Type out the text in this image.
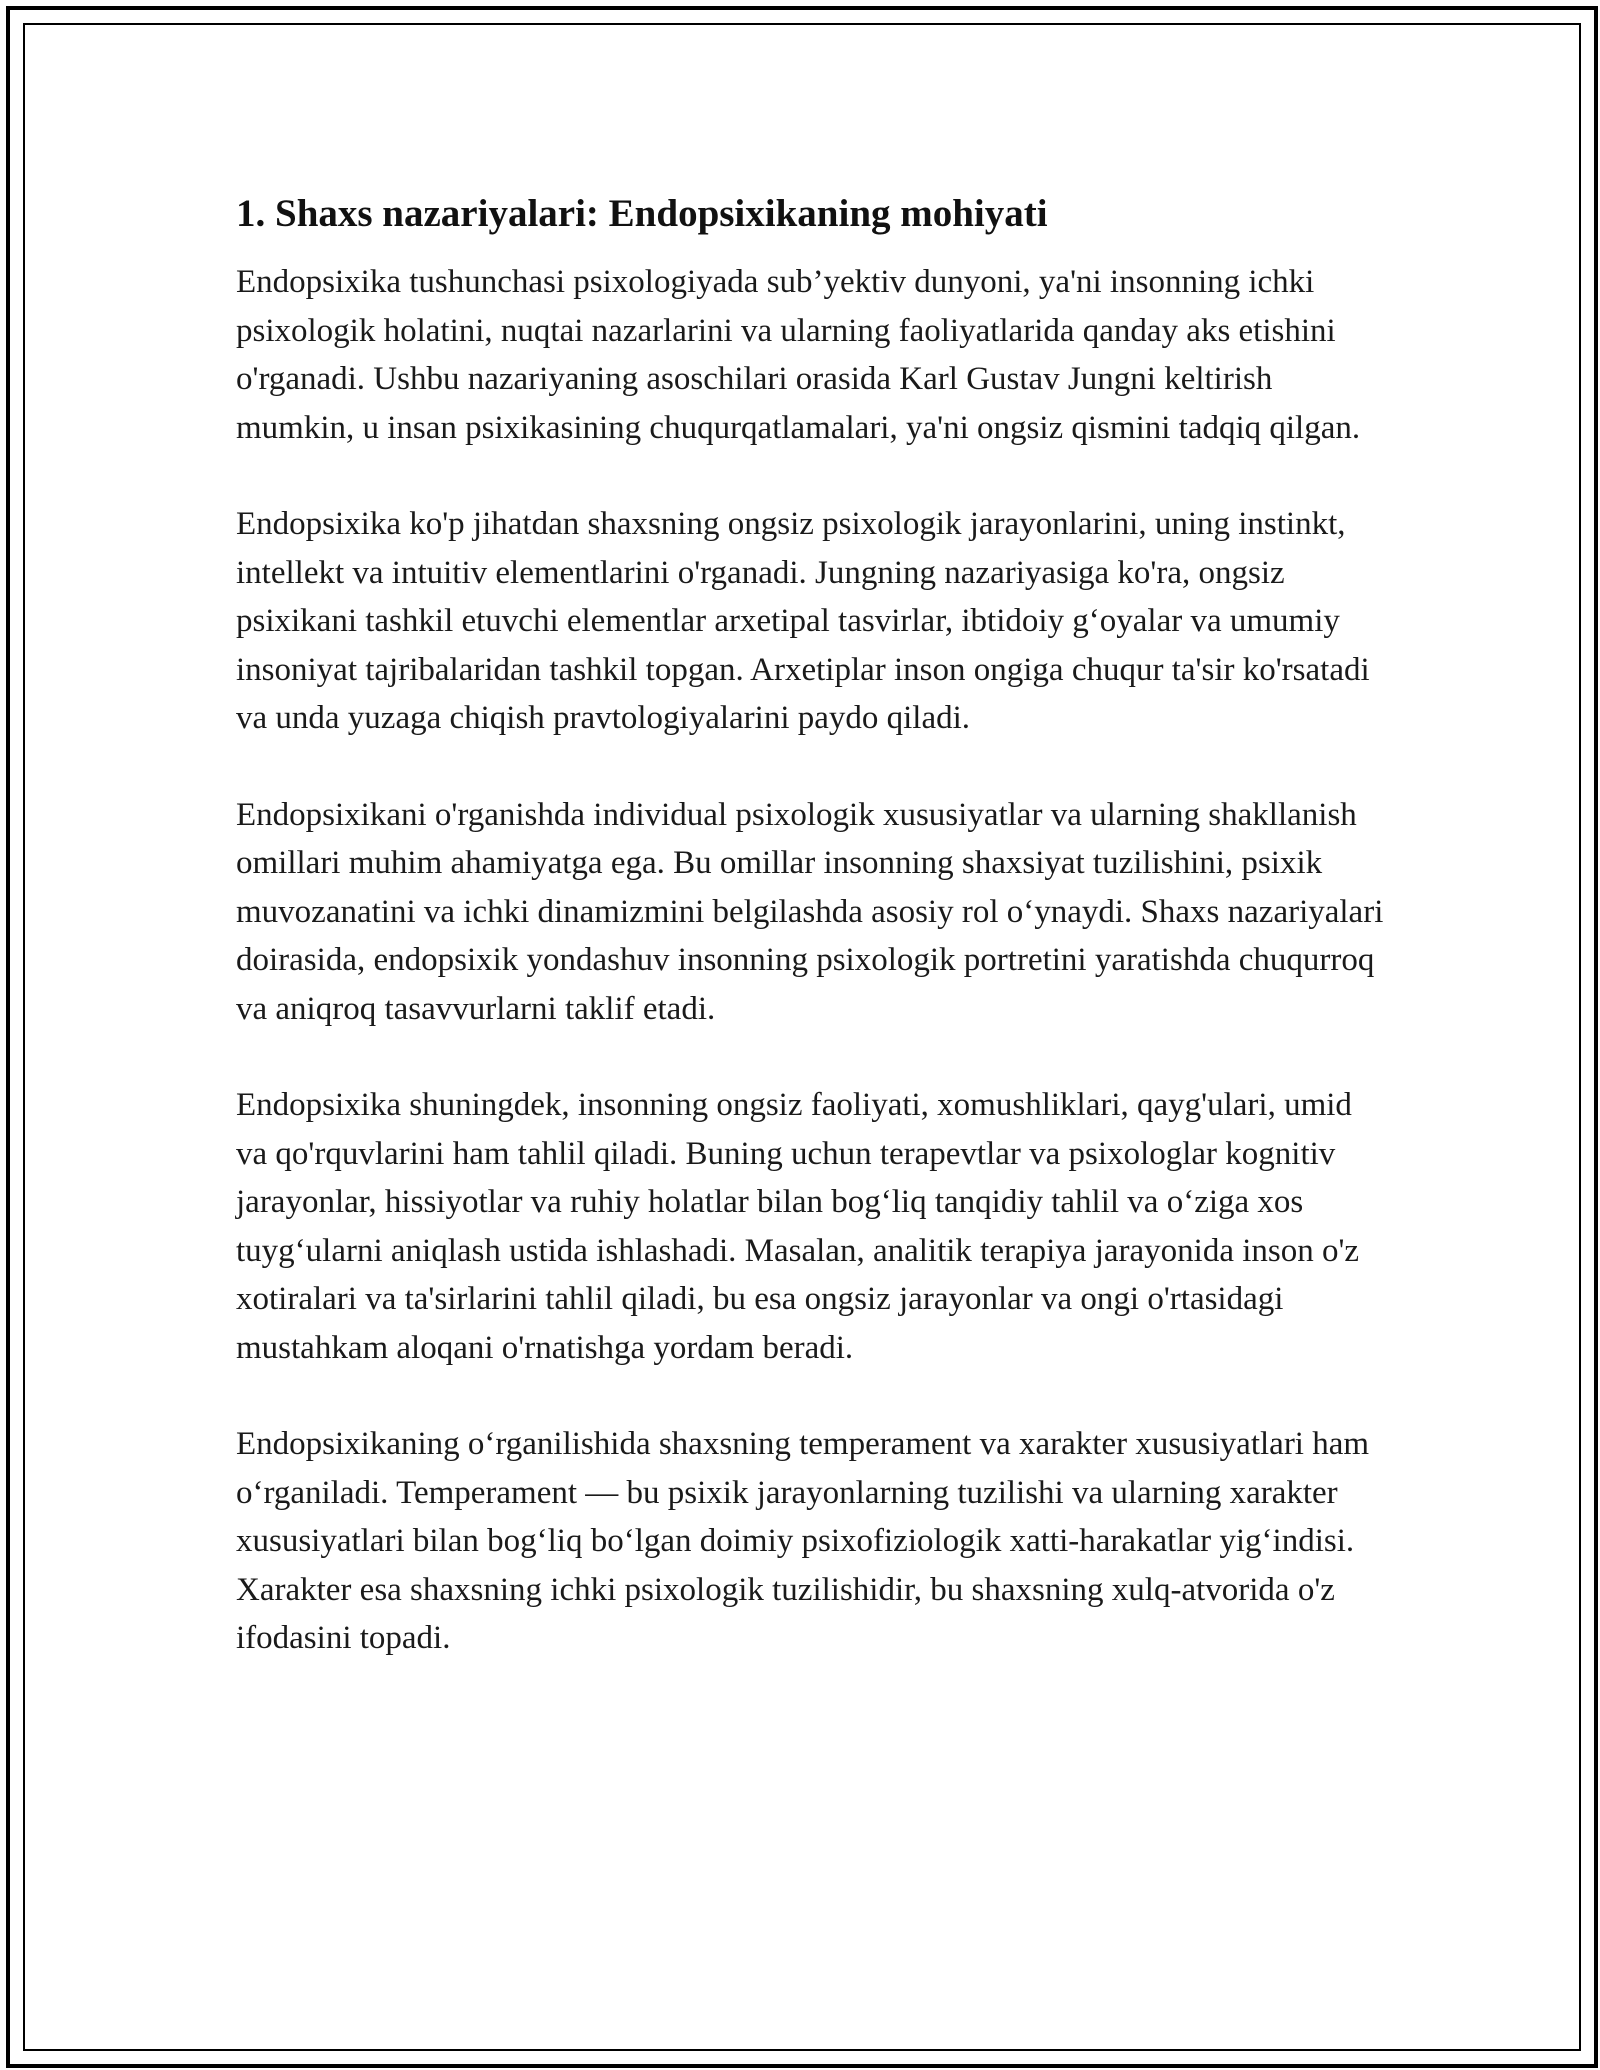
1. Shaxs nazariyalari: Endopsixikaning mohiyati

Endopsixika tushunchasi psixologiyada sub’yektiv dunyoni, ya'ni insonning ichki psixologik holatini, nuqtai nazarlarini va ularning faoliyatlarida qanday aks etishini o'rganadi. Ushbu nazariyaning asoschilari orasida Karl Gustav Jungni keltirish mumkin, u insan psixikasining chuqurqatlamalari, ya'ni ongsiz qismini tadqiq qilgan.

Endopsixika ko'p jihatdan shaxsning ongsiz psixologik jarayonlarini, uning instinkt, intellekt va intuitiv elementlarini o'rganadi. Jungning nazariyasiga ko'ra, ongsiz psixikani tashkil etuvchi elementlar arxetipal tasvirlar, ibtidoiy g‘oyalar va umumiy insoniyat tajribalaridan tashkil topgan. Arxetiplar inson ongiga chuqur ta'sir ko'rsatadi va unda yuzaga chiqish pravtologiyalarini paydo qiladi.

Endopsixikani o'rganishda individual psixologik xususiyatlar va ularning shakllanish omillari muhim ahamiyatga ega. Bu omillar insonning shaxsiyat tuzilishini, psixik muvozanatini va ichki dinamizmini belgilashda asosiy rol o‘ynaydi. Shaxs nazariyalari doirasida, endopsixik yondashuv insonning psixologik portretini yaratishda chuqurroq va aniqroq tasavvurlarni taklif etadi.

Endopsixika shuningdek, insonning ongsiz faoliyati, xomushliklari, qayg'ulari, umid va qo'rquvlarini ham tahlil qiladi. Buning uchun terapevtlar va psixologlar kognitiv jarayonlar, hissiyotlar va ruhiy holatlar bilan bog‘liq tanqidiy tahlil va o‘ziga xos tuyg‘ularni aniqlash ustida ishlashadi. Masalan, analitik terapiya jarayonida inson o'z xotiralari va ta'sirlarini tahlil qiladi, bu esa ongsiz jarayonlar va ongi o'rtasidagi mustahkam aloqani o'rnatishga yordam beradi.

Endopsixikaning o‘rganilishida shaxsning temperament va xarakter xususiyatlari ham o‘rganiladi. Temperament — bu psixik jarayonlarning tuzilishi va ularning xarakter xususiyatlari bilan bog‘liq bo‘lgan doimiy psixofiziologik xatti-harakatlar yig‘indisi. Xarakter esa shaxsning ichki psixologik tuzilishidir, bu shaxsning xulq-atvorida o'z ifodasini topadi.
